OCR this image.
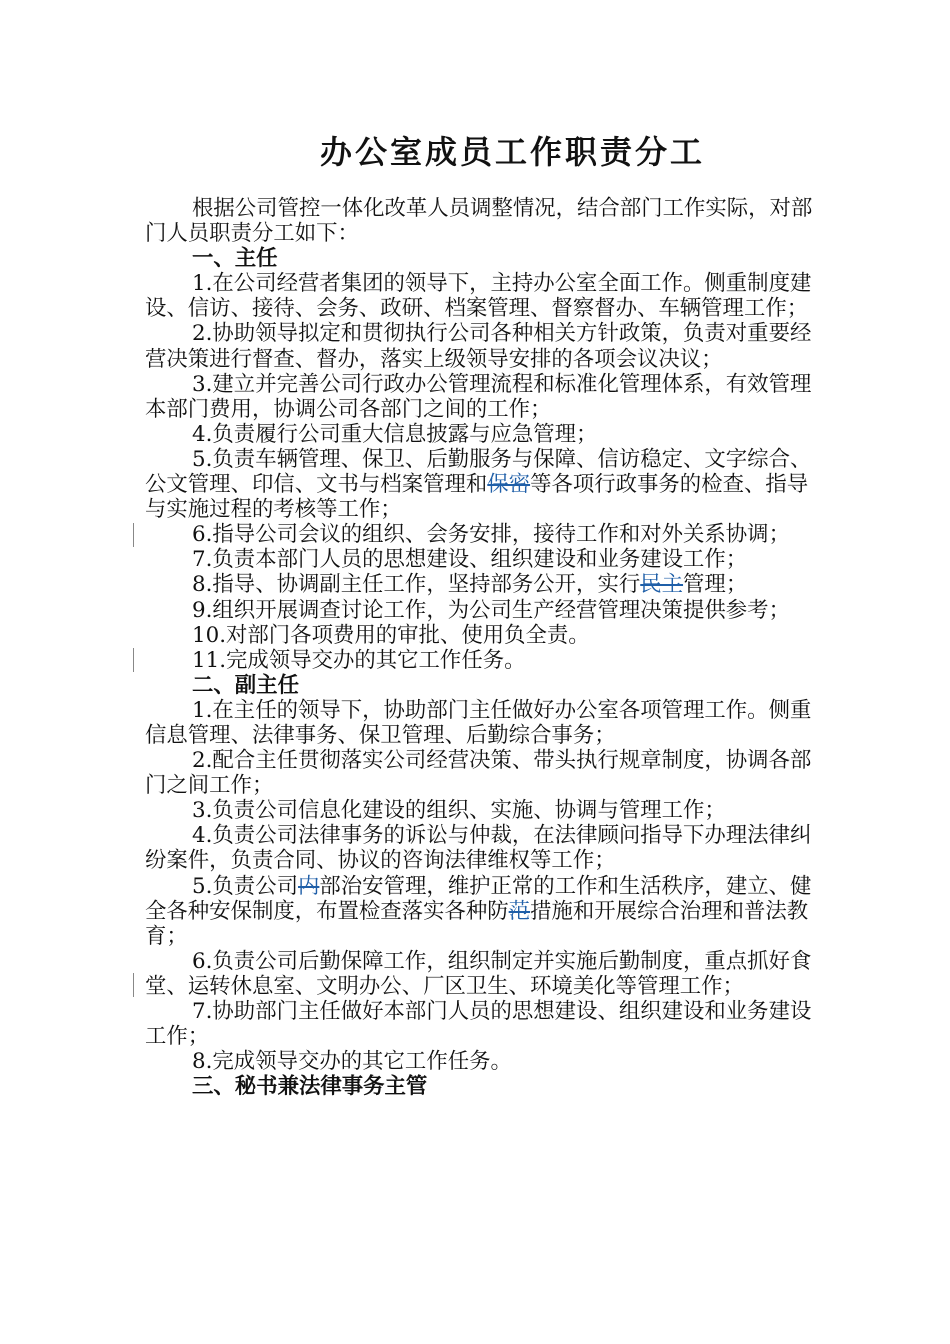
办公室成员工作职责分工

根据公司管控一体化改革人员调整情况，结合部门工作实际，对部门人员职责分工如下：

一、主任

1.在公司经营者集团的领导下，主持办公室全面工作。侧重制度建设、信访、接待、会务、政研、档案管理、督察督办、车辆管理工作；

2.协助领导拟定和贯彻执行公司各种相关方针政策，负责对重要经营决策进行督查、督办，落实上级领导安排的各项会议决议；

3.建立并完善公司行政办公管理流程和标准化管理体系，有效管理本部门费用，协调公司各部门之间的工作；

4.负责履行公司重大信息披露与应急管理；

5.负责车辆管理、保卫、后勤服务与保障、信访稳定、文字综合、公文管理、印信、文书与档案管理和保密等各项行政事务的检查、指导与实施过程的考核等工作；

6.指导公司会议的组织、会务安排，接待工作和对外关系协调；

7.负责本部门人员的思想建设、组织建设和业务建设工作；

8.指导、协调副主任工作，坚持部务公开，实行民主管理；

9.组织开展调查讨论工作，为公司生产经营管理决策提供参考；

10.对部门各项费用的审批、使用负全责。

11.完成领导交办的其它工作任务。

二、副主任

1.在主任的领导下，协助部门主任做好办公室各项管理工作。侧重信息管理、法律事务、保卫管理、后勤综合事务；

2.配合主任贯彻落实公司经营决策、带头执行规章制度，协调各部门之间工作；

3.负责公司信息化建设的组织、实施、协调与管理工作；

4.负责公司法律事务的诉讼与仲裁，在法律顾问指导下办理法律纠纷案件，负责合同、协议的咨询法律维权等工作；

5.负责公司内部治安管理，维护正常的工作和生活秩序，建立、健全各种安保制度，布置检查落实各种防范措施和开展综合治理和普法教育；

6.负责公司后勤保障工作，组织制定并实施后勤制度，重点抓好食堂、运转休息室、文明办公、厂区卫生、环境美化等管理工作；

7.协助部门主任做好本部门人员的思想建设、组织建设和业务建设工作；

8.完成领导交办的其它工作任务。

三、秘书兼法律事务主管
